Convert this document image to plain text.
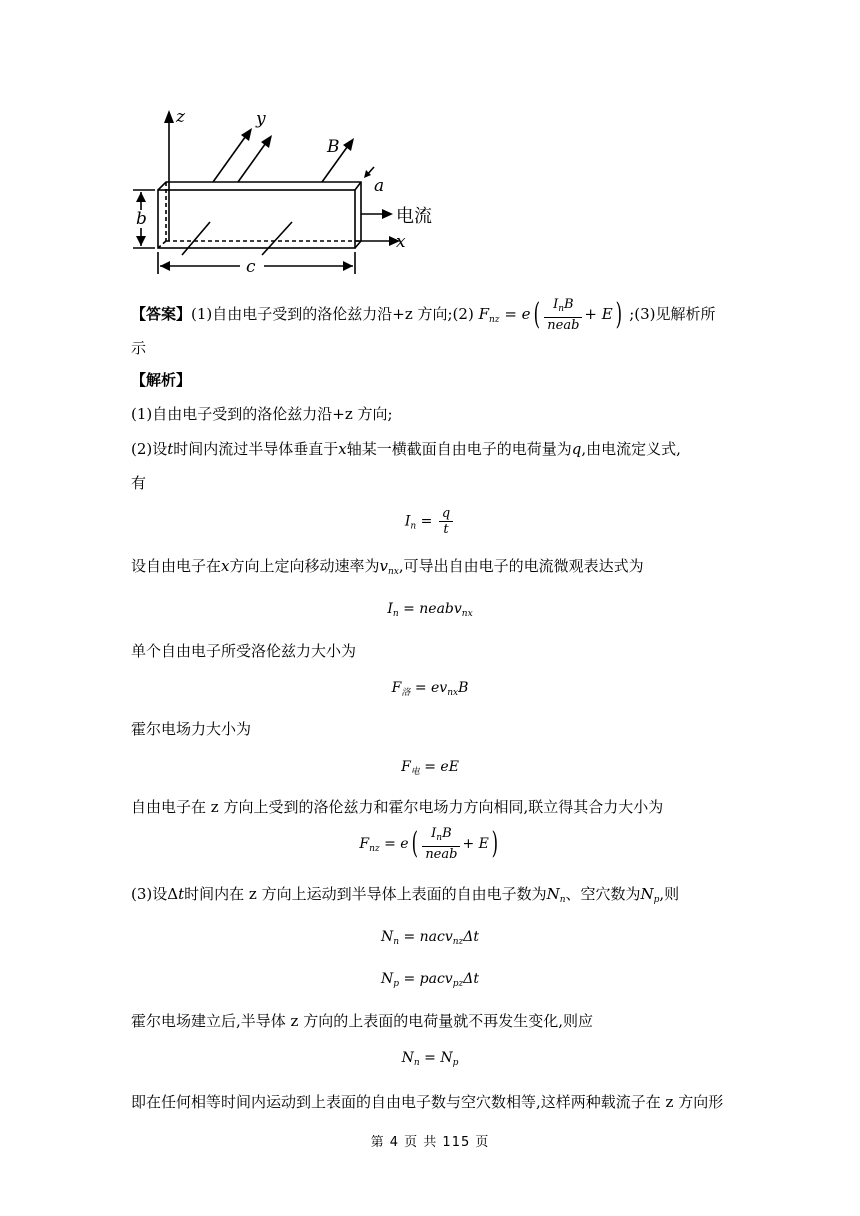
z	y
B
a
b
c
x
电流
【答案】(1)自由电子受到的洛伦兹力沿+z 方向;(2) $F_{nz} = e( \frac{I_nB}{\text{neab}} + E)$ ;(3)见解析所
示
【解析】
(1)自由电子受到的洛伦兹力沿+z 方向;
(2)设t时间内流过半导体垂直于x轴某一横截面自由电子的电荷量为q,由电流定义式,
有
$I_n = \frac{q}{t}$
设自由电子在x方向上定向移动速率为$v_{nx}$,可导出自由电子的电流微观表达式为
$I_n$ = neabv$_{nx}$
单个自由电子所受洛伦兹力大小为
$F_洛 = ev_{nx}B$
霍尔电场力大小为
$F_电$ = eE
自由电子在 z 方向上受到的洛伦兹力和霍尔电场力方向相同,联立得其合力大小为
$F_{nz} = e( \frac{I_nB}{\text{neab}} + E)$
(3)设Δt时间内在 z 方向上运动到半导体上表面的自由电子数为$N_n$、空穴数为$N_p$,则
$N_n$ = nacv$_{nz}$Δt
$N_p$ = pacv$_{pz}$Δt
霍尔电场建立后,半导体 z 方向的上表面的电荷量就不再发生变化,则应
$N_n = N_p$
即在任何相等时间内运动到上表面的自由电子数与空穴数相等,这样两种载流子在 z 方向形
第 4 页 共 115 页
